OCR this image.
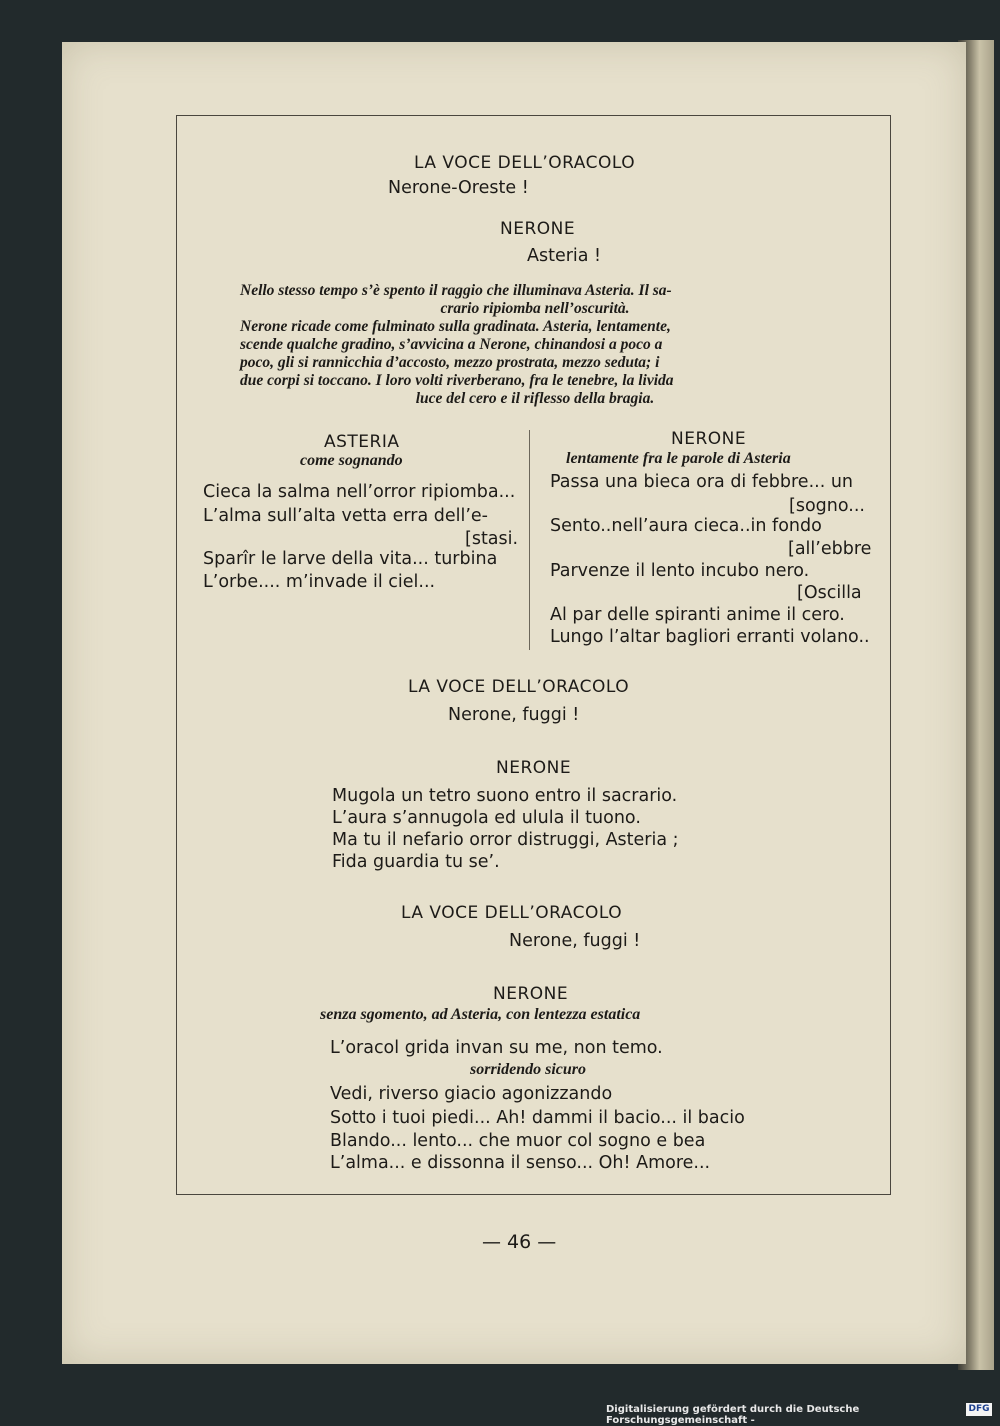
LA VOCE DELL’ORACOLO
Nerone-Oreste !
NERONE
Asteria !

Nello stesso tempo s’è spento il raggio che illuminava Asteria. Il sa-

crario ripiomba nell’oscurità.

Nerone ricade come fulminato sulla gradinata. Asteria, lentamente,

scende qualche gradino, s’avvicina a Nerone, chinandosi a poco a

poco, gli si rannicchia d’accosto, mezzo prostrata, mezzo seduta; i

due corpi si toccano. I loro volti riverberano, fra le tenebre, la livida

luce del cero e il riflesso della bragia.

ASTERIA
come sognando
Cieca la salma nell’orror ripiomba...
L’alma sull’alta vetta erra dell’e-
[stasi.
Sparîr le larve della vita... turbina
L’orbe.... m’invade il ciel...
NERONE
lentamente fra le parole di Asteria
Passa una bieca ora di febbre... un
[sogno...
Sento..nell’aura cieca..in fondo
[all’ebbre
Parvenze il lento incubo nero.
[Oscilla
Al par delle spiranti anime il cero.
Lungo l’altar bagliori erranti volano..
LA VOCE DELL’ORACOLO
Nerone, fuggi !
NERONE
Mugola un tetro suono entro il sacrario.
L’aura s’annugola ed ulula il tuono.
Ma tu il nefario orror distruggi, Asteria ;
Fida guardia tu se’.
LA VOCE DELL’ORACOLO
Nerone, fuggi !
NERONE
senza sgomento, ad Asteria, con lentezza estatica
L’oracol grida invan su me, non temo.
sorridendo sicuro
Vedi, riverso giacio agonizzando
Sotto i tuoi piedi... Ah! dammi il bacio... il bacio
Blando... lento... che muor col sogno e bea
L’alma... e dissonna il senso... Oh! Amore...
— 46 —
Digitalisierung gefördert durch die Deutsche Forschungsgemeinschaft -
DFG
